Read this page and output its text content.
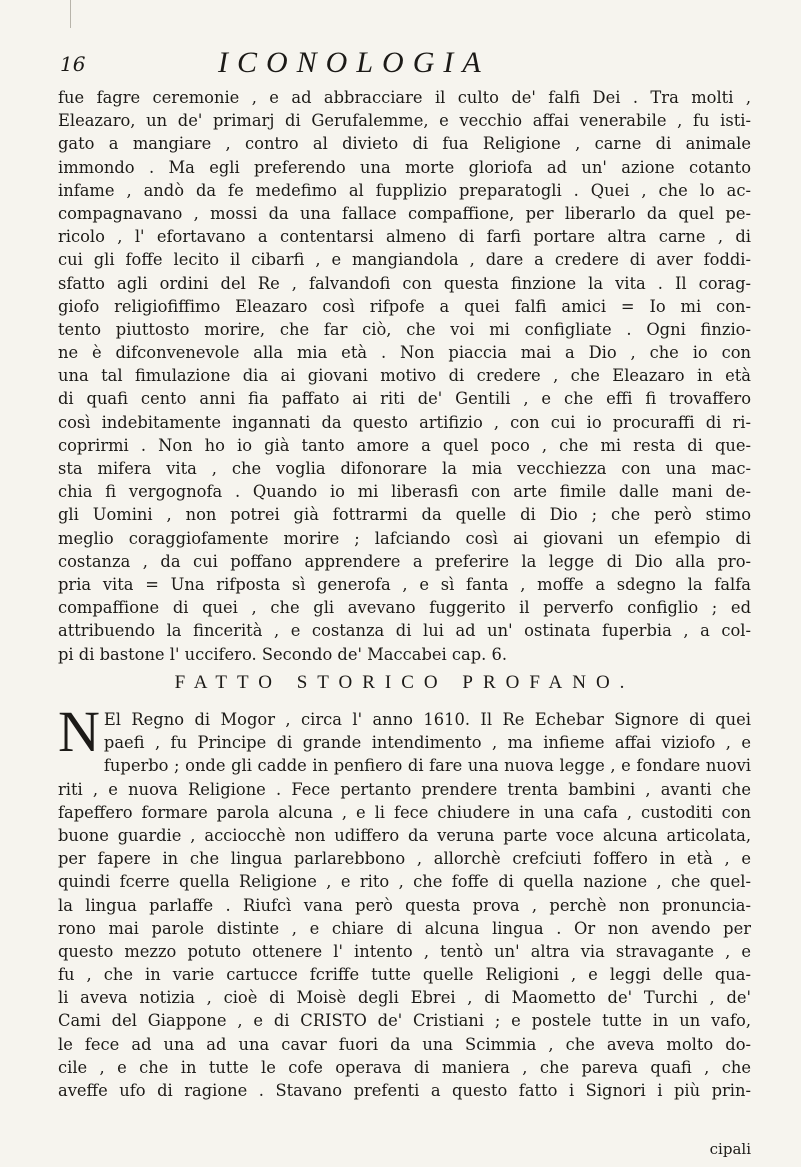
16	ICONOLOGIA
fue fagre ceremonie , e ad abbracciare il culto de' falfi Dei . Tra molti ,
Eleazaro, un de' primarj di Gerufalemme, e vecchio affai venerabile , fu isti-
gato a mangiare , contro al divieto di fua Religione , carne di animale
immondo . Ma egli preferendo una morte gloriofa ad un' azione cotanto
infame , andò da fe medefimo al fupplizio preparatogli . Quei , che lo ac-
compagnavano , mossi da una fallace compaffione, per liberarlo da quel pe-
ricolo , l' efortavano a contentarsi almeno di farfi portare altra carne , di
cui gli foffe lecito il cibarfi , e mangiandola , dare a credere di aver foddi-
sfatto agli ordini del Re , falvandofi con questa finzione la vita . Il corag-
giofo religiofiffimo Eleazaro così rifpofe a quei falfi amici = Io mi con-
tento piuttosto morire, che far ciò, che voi mi configliate . Ogni finzio-
ne è difconvenevole alla mia età . Non piaccia mai a Dio , che io con
una tal fimulazione dia ai giovani motivo di credere , che Eleazaro in età
di quafi cento anni fia paffato ai riti de' Gentili , e che effi fi trovaffero
così indebitamente ingannati da questo artifizio , con cui io procuraffi di ri-
coprirmi . Non ho io già tanto amore a quel poco , che mi resta di que-
sta mifera vita , che voglia difonorare la mia vecchiezza con una mac-
chia fi vergognofa . Quando io mi liberasfi con arte fimile dalle mani de-
gli Uomini , non potrei già fottrarmi da quelle di Dio ; che però stimo
meglio coraggiofamente morire ; lafciando così ai giovani un efempio di
costanza , da cui poffano apprendere a preferire la legge di Dio alla pro-
pria vita = Una rifposta sì generofa , e sì fanta , moffe a sdegno la falfa
compaffione di quei , che gli avevano fuggerito il perverfo configlio ; ed
attribuendo la fincerità , e costanza di lui ad un' ostinata fuperbia , a col-
pi di bastone l' uccifero. Secondo de' Maccabei cap. 6.
FATTO STORICO PROFANO.
N El Regno di Mogor , circa l' anno 1610. Il Re Echebar Signore di quei
paefi , fu Principe di grande intendimento , ma infieme affai viziofo , e
fuperbo ; onde gli cadde in penfiero di fare una nuova legge , e fondare nuovi
riti , e nuova Religione . Fece pertanto prendere trenta bambini , avanti che
fapeffero formare parola alcuna , e li fece chiudere in una cafa , custoditi con
buone guardie , acciocchè non udiffero da veruna parte voce alcuna articolata,
per fapere in che lingua parlarebbono , allorchè crefciuti foffero in età , e
quindi fcerre quella Religione , e rito , che foffe di quella nazione , che quel-
la lingua parlaffe . Riufcì vana però questa prova , perchè non pronuncia-
rono mai parole distinte , e chiare di alcuna lingua . Or non avendo per
questo mezzo potuto ottenere l' intento , tentò un' altra via stravagante , e
fu , che in varie cartucce fcriffe tutte quelle Religioni , e leggi delle qua-
li aveva notizia , cioè di Moisè degli Ebrei , di Maometto de' Turchi , de'
Cami del Giappone , e di CRISTO de' Cristiani ; e postele tutte in un vafo,
le fece ad una ad una cavar fuori da una Scimmia , che aveva molto do-
cile , e che in tutte le cofe operava di maniera , che pareva quafi , che
aveffe ufo di ragione . Stavano prefenti a questo fatto i Signori i più prin-
cipali
